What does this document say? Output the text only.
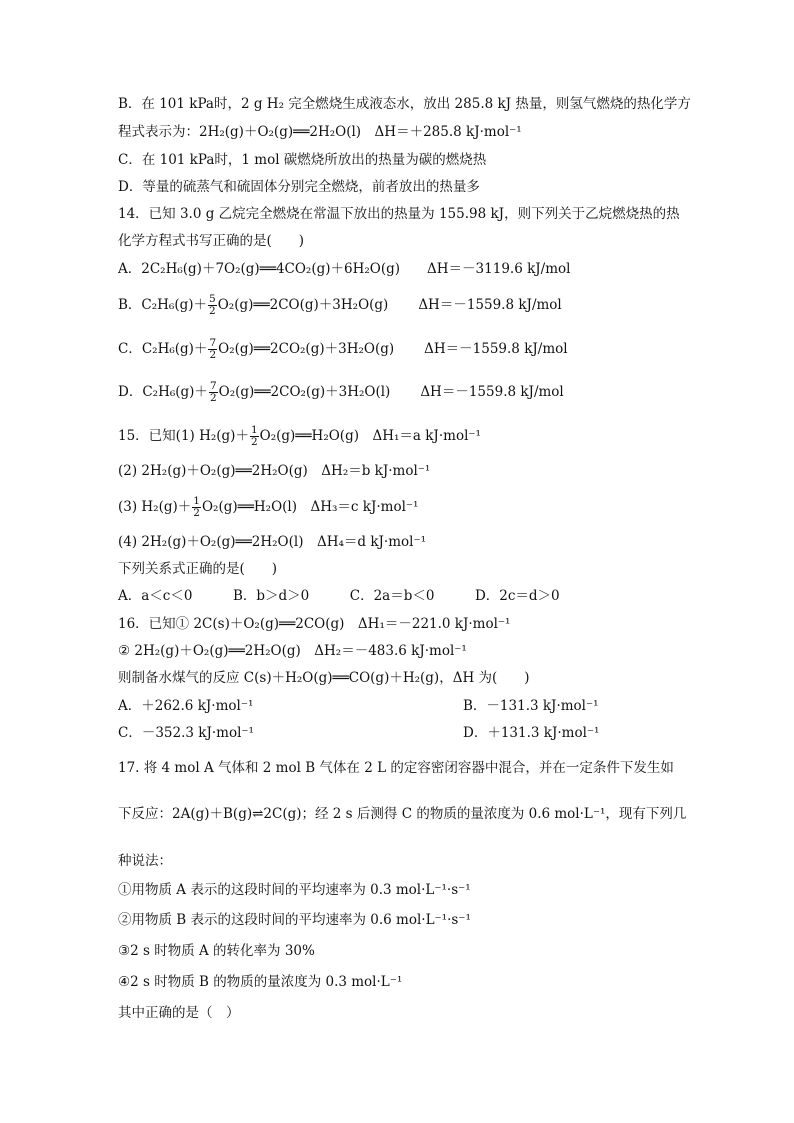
B．在 101 kPa时，2 g H₂ 完全燃烧生成液态水，放出 285.8 kJ 热量，则氢气燃烧的热化学方
程式表示为：2H₂(g)＋O₂(g)══2H₂O(l)　ΔH＝＋285.8 kJ·mol⁻¹
C．在 101 kPa时，1 mol 碳燃烧所放出的热量为碳的燃烧热
D．等量的硫蒸气和硫固体分别完全燃烧，前者放出的热量多
14．已知 3.0 g 乙烷完全燃烧在常温下放出的热量为 155.98 kJ，则下列关于乙烷燃烧热的热
化学方程式书写正确的是(　　)
A．2C₂H₆(g)＋7O₂(g)══4CO₂(g)＋6H₂O(g)　　ΔH＝－3119.6 kJ/mol
B．$C_2H_6(g)+ \frac{5}{2}$ O₂(g)══2CO(g)＋3H₂O(g) ΔH＝－1559.8 kJ/mol
C．$C_2H_6(g)+ \frac{7}{2}$ O₂(g)══2CO₂(g)＋3H₂O(g) ΔH＝－1559.8 kJ/mol
D．$C_2H_6(g)+ \frac{7}{2}$ O₂(g)══2CO₂(g)＋3H₂O(l) ΔH＝－1559.8 kJ/mol
15．已知(1) $H_2(g)+ \frac{1}{2}$ O₂(g)══H₂O(g)　ΔH₁＝a kJ·mol⁻¹
(2) 2H₂(g)＋O₂(g)══2H₂O(g)　ΔH₂＝b kJ·mol⁻¹
(3) $H_2(g)+ \frac{1}{2}$ O₂(g)══H₂O(l)　ΔH₃＝c kJ·mol⁻¹
(4) 2H₂(g)＋O₂(g)══2H₂O(l)　ΔH₄＝d kJ·mol⁻¹
下列关系式正确的是(　　)
A．a＜c＜0　　　B．b＞d＞0　　　C．2a＝b＜0　　　D．2c＝d＞0
16．已知① 2C(s)＋O₂(g)══2CO(g)　ΔH₁＝－221.0 kJ·mol⁻¹
② 2H₂(g)＋O₂(g)══2H₂O(g)　ΔH₂＝－483.6 kJ·mol⁻¹
则制备水煤气的反应 C(s)＋H₂O(g)══CO(g)＋H₂(g)，ΔH 为(　　)
A．＋262.6 kJ·mol⁻¹	B．－131.3 kJ·mol⁻¹
C．－352.3 kJ·mol⁻¹	D．＋131.3 kJ·mol⁻¹
17. 将 4 mol A 气体和 2 mol B 气体在 2 L 的定容密闭容器中混合，并在一定条件下发生如
下反应：2A(g)＋B(g)⇌2C(g)；经 2 s 后测得 C 的物质的量浓度为 0.6 mol·L⁻¹，现有下列几
种说法：
①用物质 A 表示的这段时间的平均速率为 0.3 mol·L⁻¹·s⁻¹
②用物质 B 表示的这段时间的平均速率为 0.6 mol·L⁻¹·s⁻¹
③2 s 时物质 A 的转化率为 30%
④2 s 时物质 B 的物质的量浓度为 0.3 mol·L⁻¹
其中正确的是（　）
